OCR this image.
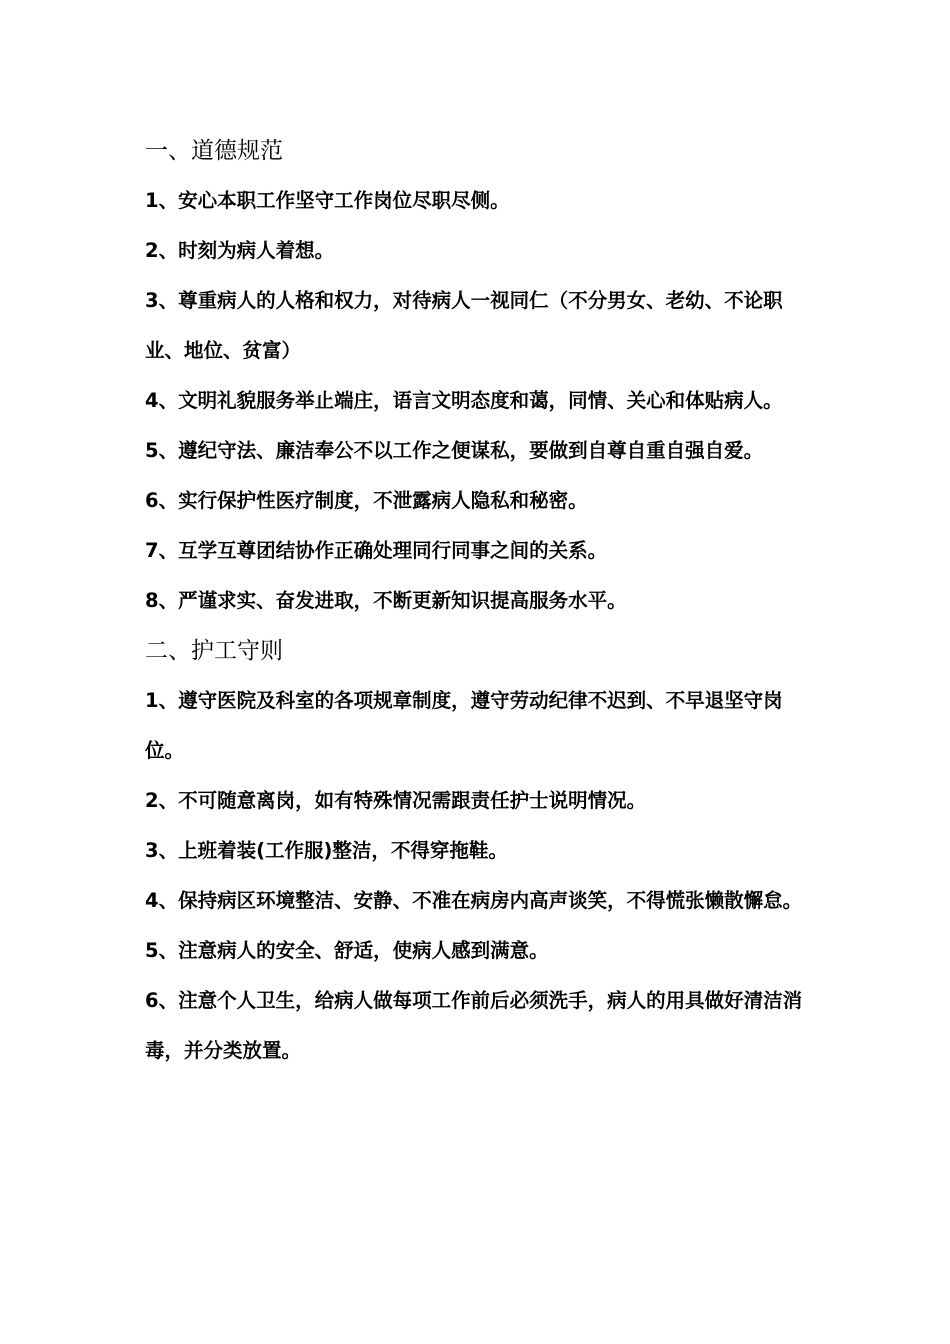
一、道德规范
1、安心本职工作坚守工作岗位尽职尽侧。
2、时刻为病人着想。
3、尊重病人的人格和权力，对待病人一视同仁（不分男女、老幼、不论职业、地位、贫富）
4、文明礼貌服务举止端庄，语言文明态度和蔼，同情、关心和体贴病人。
5、遵纪守法、廉洁奉公不以工作之便谋私，要做到自尊自重自强自爱。
6、实行保护性医疗制度，不泄露病人隐私和秘密。
7、互学互尊团结协作正确处理同行同事之间的关系。
8、严谨求实、奋发进取，不断更新知识提高服务水平。
二、护工守则
1、遵守医院及科室的各项规章制度，遵守劳动纪律不迟到、不早退坚守岗位。
2、不可随意离岗，如有特殊情况需跟责任护士说明情况。
3、上班着装(工作服)整洁，不得穿拖鞋。
4、保持病区环境整洁、安静、不准在病房内高声谈笑，不得慌张懒散懈怠。
5、注意病人的安全、舒适，使病人感到满意。
6、注意个人卫生，给病人做每项工作前后必须洗手，病人的用具做好清洁消毒，并分类放置。
